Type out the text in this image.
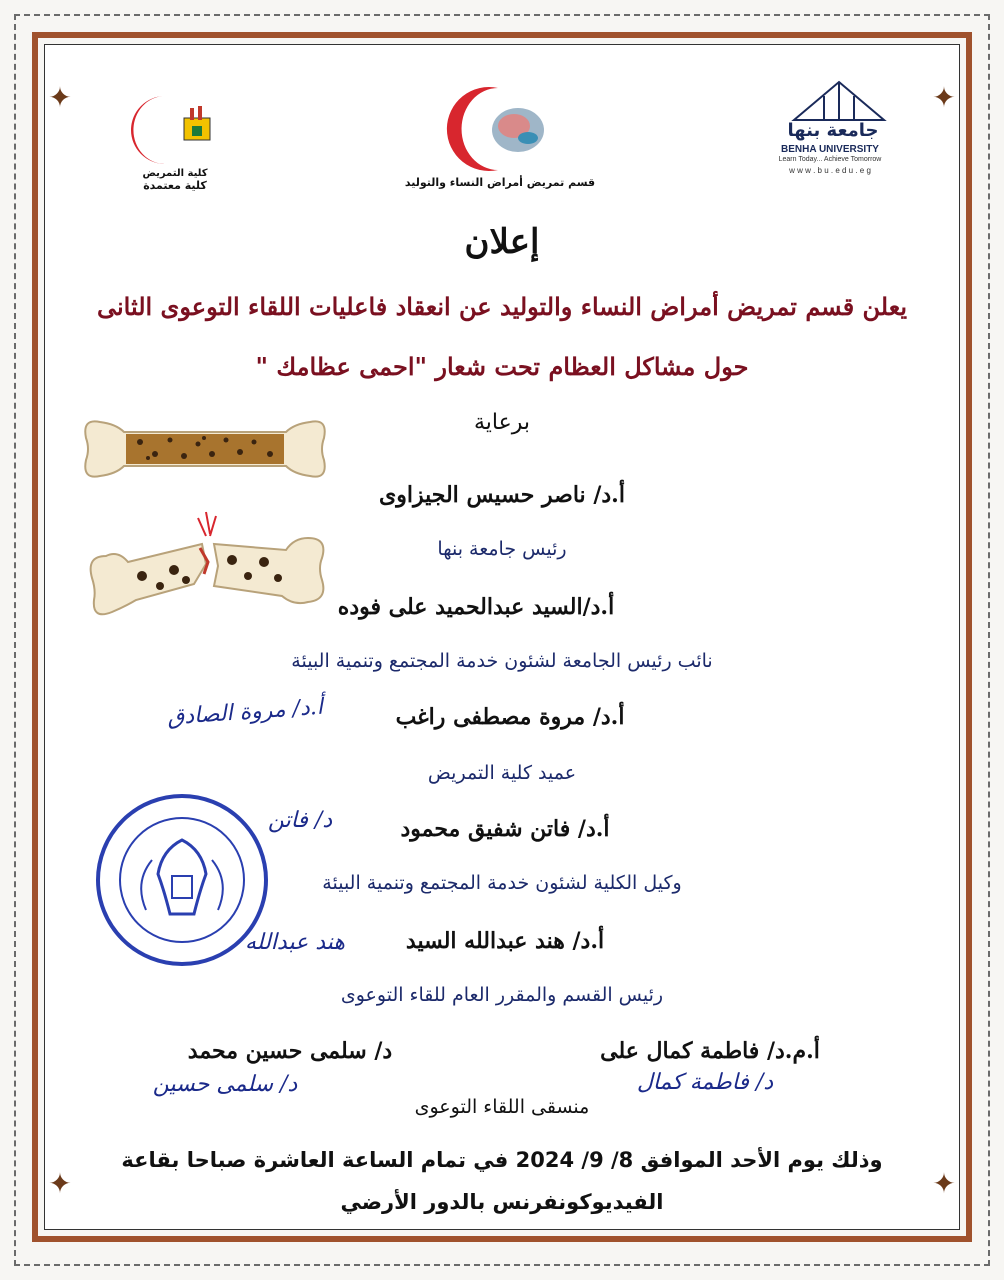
✦	✦
✦	✦
كلية التمريض
كلية معتمدة	قسم تمريض أمراض النساء والتوليد
جامعة بنها
BENHA UNIVERSITY
Learn Today... Achieve Tomorrow
w w w . b u . e d u . e g
إعلان
يعلن قسم تمريض أمراض النساء والتوليد عن انعقاد فاعليات اللقاء التوعوى الثانى
حول مشاكل العظام تحت شعار "احمى عظامك "
برعاية
أ.د/ ناصر حسيس الجيزاوى
رئيس جامعة بنها
أ.د/السيد عبدالحميد على فوده
نائب رئيس الجامعة لشئون خدمة المجتمع وتنمية البيئة
أ.د/ مروة مصطفى راغب
أ.د/ مروة الصادق
عميد كلية التمريض
أ.د/ فاتن شفيق محمود
د/ فاتن
وكيل الكلية لشئون خدمة المجتمع وتنمية البيئة
أ.د/ هند عبدالله السيد
هند عبدالله
رئيس القسم والمقرر العام للقاء التوعوى
أ.م.د/ فاطمة كمال على
د/ سلمى حسين محمد
د/ فاطمة كمال
د/ سلمى حسين
منسقى اللقاء التوعوى
وذلك يوم الأحد الموافق 8/ 9/ 2024 في تمام الساعة العاشرة صباحا بقاعة
الفيديوكونفرنس بالدور الأرضي
